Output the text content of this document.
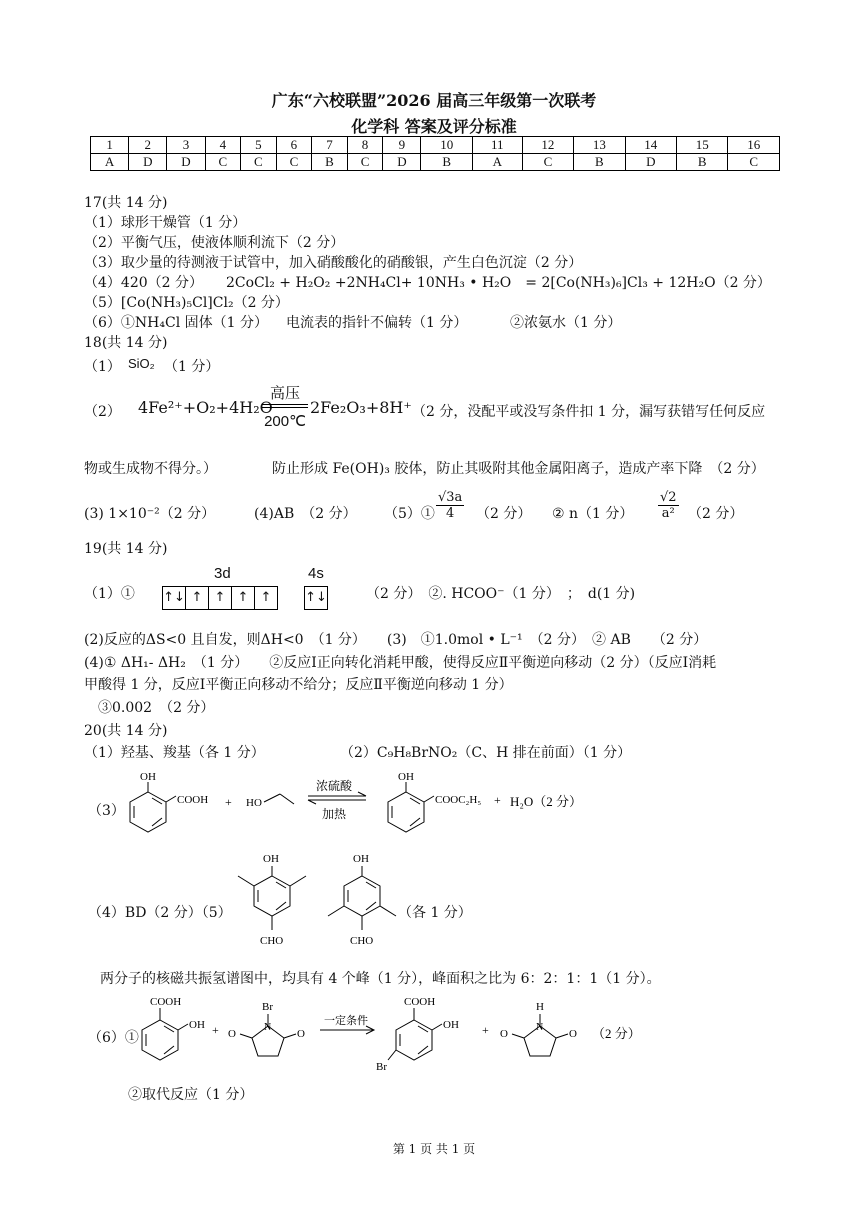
广东“六校联盟”2026 届高三年级第一次联考
化学科 答案及评分标准
1	2	3	4	5	6	7	8	9	10	11	12	13	14	15	16
A	D	D	C	C	C	B	C	D	B	A	C	B	D	B	C
17(共 14 分)
（1）球形干燥管（1 分）
（2）平衡气压，使液体顺利流下（2 分）
（3）取少量的待测液于试管中，加入硝酸酸化的硝酸银，产生白色沉淀（2 分）
（4）420（2 分） 2CoCl₂ + H₂O₂ +2NH₄Cl+ 10NH₃ • H₂O　= 2[Co(NH₃)₆]Cl₃ + 12H₂O（2 分）
（5）[Co(NH₃)₅Cl]Cl₂（2 分）
（6）①NH₄Cl 固体（1 分） 电流表的指针不偏转（1 分）	②浓氨水（1 分）
18(共 14 分)
（1） SiO₂ （1 分）
（2） 4Fe²⁺+O₂+4H₂O
高压
200℃
2Fe₂O₃+8H⁺ （2 分，没配平或没写条件扣 1 分，漏写获错写任何反应
物或生成物不得分。）	防止形成 Fe(OH)₃ 胶体，防止其吸附其他金属阳离子，造成产率下降　（2 分）
(3) 1×10⁻²（2 分）	(4)AB　（2 分） （5）① $\frac{√3a}{4} (2$ 分） ② n（1 分） $\frac{√2}{\text{a²}} (2$ 分）
19(共 14 分)
（1）①
3d	4s
↑↓ ↑ ↑ ↑ ↑	↑↓	（2 分）　②. HCOO⁻（1 分）　；　d(1 分)
(2)反应的ΔS<0 且自发，则ΔH<0　（1 分）　　(3)　①1.0mol • L⁻¹　（2 分）　② AB　　（2 分）
(4)① ΔH₁- ΔH₂　（1 分）　　②反应Ⅰ正向转化消耗甲酸，使得反应Ⅱ平衡逆向移动（2 分）（反应Ⅰ消耗
甲酸得 1 分，反应Ⅰ平衡正向移动不给分；反应Ⅱ平衡逆向移动 1 分）
③0.002　（2 分）
20(共 14 分)
（1）羟基、羧基（各 1 分）	（2）C₉H₈BrNO₂（C、H 排在前面）（1 分）
（3）
OH
COOH + HO
浓硫酸
加热
OH
COOC₂H₅ + H₂O（2 分）
OH
CHO
OH
CHO
COOH
OH +
Br
N
O	O
一定条件
COOH
OH
Br
+
H
N
O	O （2 分）
（4）BD（2 分）（5）	（各 1 分）
两分子的核磁共振氢谱图中，均具有 4 个峰（1 分），峰面积之比为 6：2：1：1（1 分）。
（6）①
②取代反应（1 分）
第 1 页 共 1 页
